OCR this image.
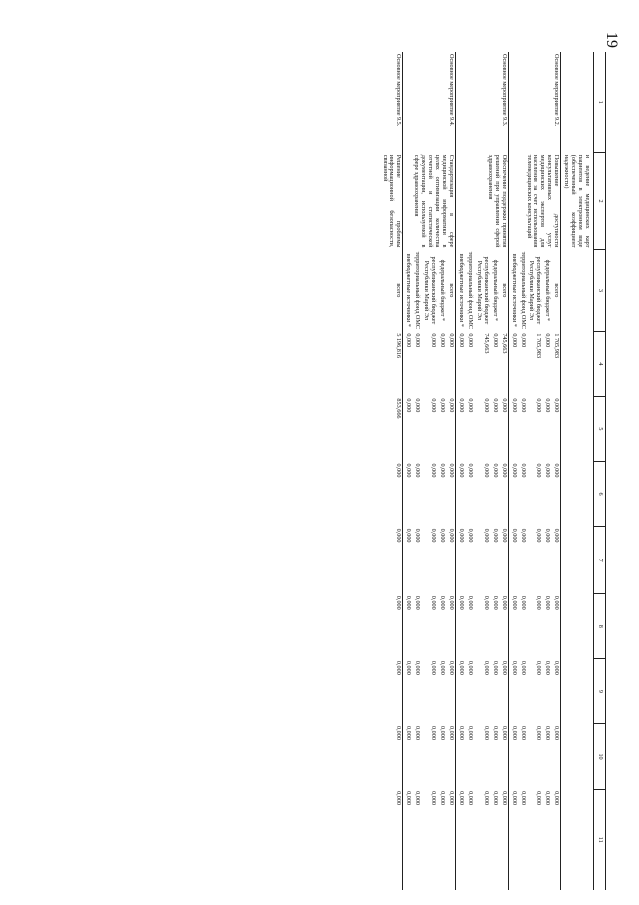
19
1	2	3	4	5	6	7	8	9	10	11
	и ведение медицинских карт пациентов в электронном виде (обеспеченный коэффициент надежности)									

Основное мероприятие 9.2.	Повышение доступности консультативных услуг медицинских экспертов для населения за счет использования телемедицинских консультаций	всего	1 705,983	0,000	0,000	0,000	0,000	0,000	0,000	0,000
		федеральный бюджет *	0,000	0,000	0,000	0,000	0,000	0,000	0,000	0,000
		республиканский бюджет Республики Марий Эл	1 705,983	0,000	0,000	0,000	0,000	0,000	0,000	0,000
		территориальный фонд ОМС	0,000	0,000	0,000	0,000	0,000	0,000	0,000	0,000
		внебюджетные источники *	0,000	0,000	0,000	0,000	0,000	0,000	0,000	0,000

Основное мероприятие 9.3.	Обеспечение поддержки принятия решений при управлении сферой здравоохранения	всего	745,663	0,000	0,000	0,000	0,000	0,000	0,000	0,000
		федеральный бюджет *	0,000	0,000	0,000	0,000	0,000	0,000	0,000	0,000
		республиканский бюджет Республики Марий Эл	745,663	0,000	0,000	0,000	0,000	0,000	0,000	0,000
		территориальный фонд ОМС	0,000	0,000	0,000	0,000	0,000	0,000	0,000	0,000
		внебюджетные источники *	0,000	0,000	0,000	0,000	0,000	0,000	0,000	0,000

Основное мероприятие 9.4.	Стандартизация в сфере медицинской информатики в целях оптимизации количества отчетной и статистической документации, используемой в сфере здравоохранения	всего	0,000	0,000	0,000	0,000	0,000	0,000	0,000	0,000
		федеральный бюджет *	0,000	0,000	0,000	0,000	0,000	0,000	0,000	0,000
		республиканский бюджет Республики Марий Эл	0,000	0,000	0,000	0,000	0,000	0,000	0,000	0,000
		территориальный фонд ОМС	0,000	0,000	0,000	0,000	0,000	0,000	0,000	0,000
		внебюджетные источники *	0,000	0,000	0,000	0,000	0,000	0,000	0,000	0,000

Основное мероприятие 9.5.	Решение проблемы информационной безопасности, связанной	всего	5 196,816	853,666	0,000	0,000	0,000	0,000	0,000	0,000
